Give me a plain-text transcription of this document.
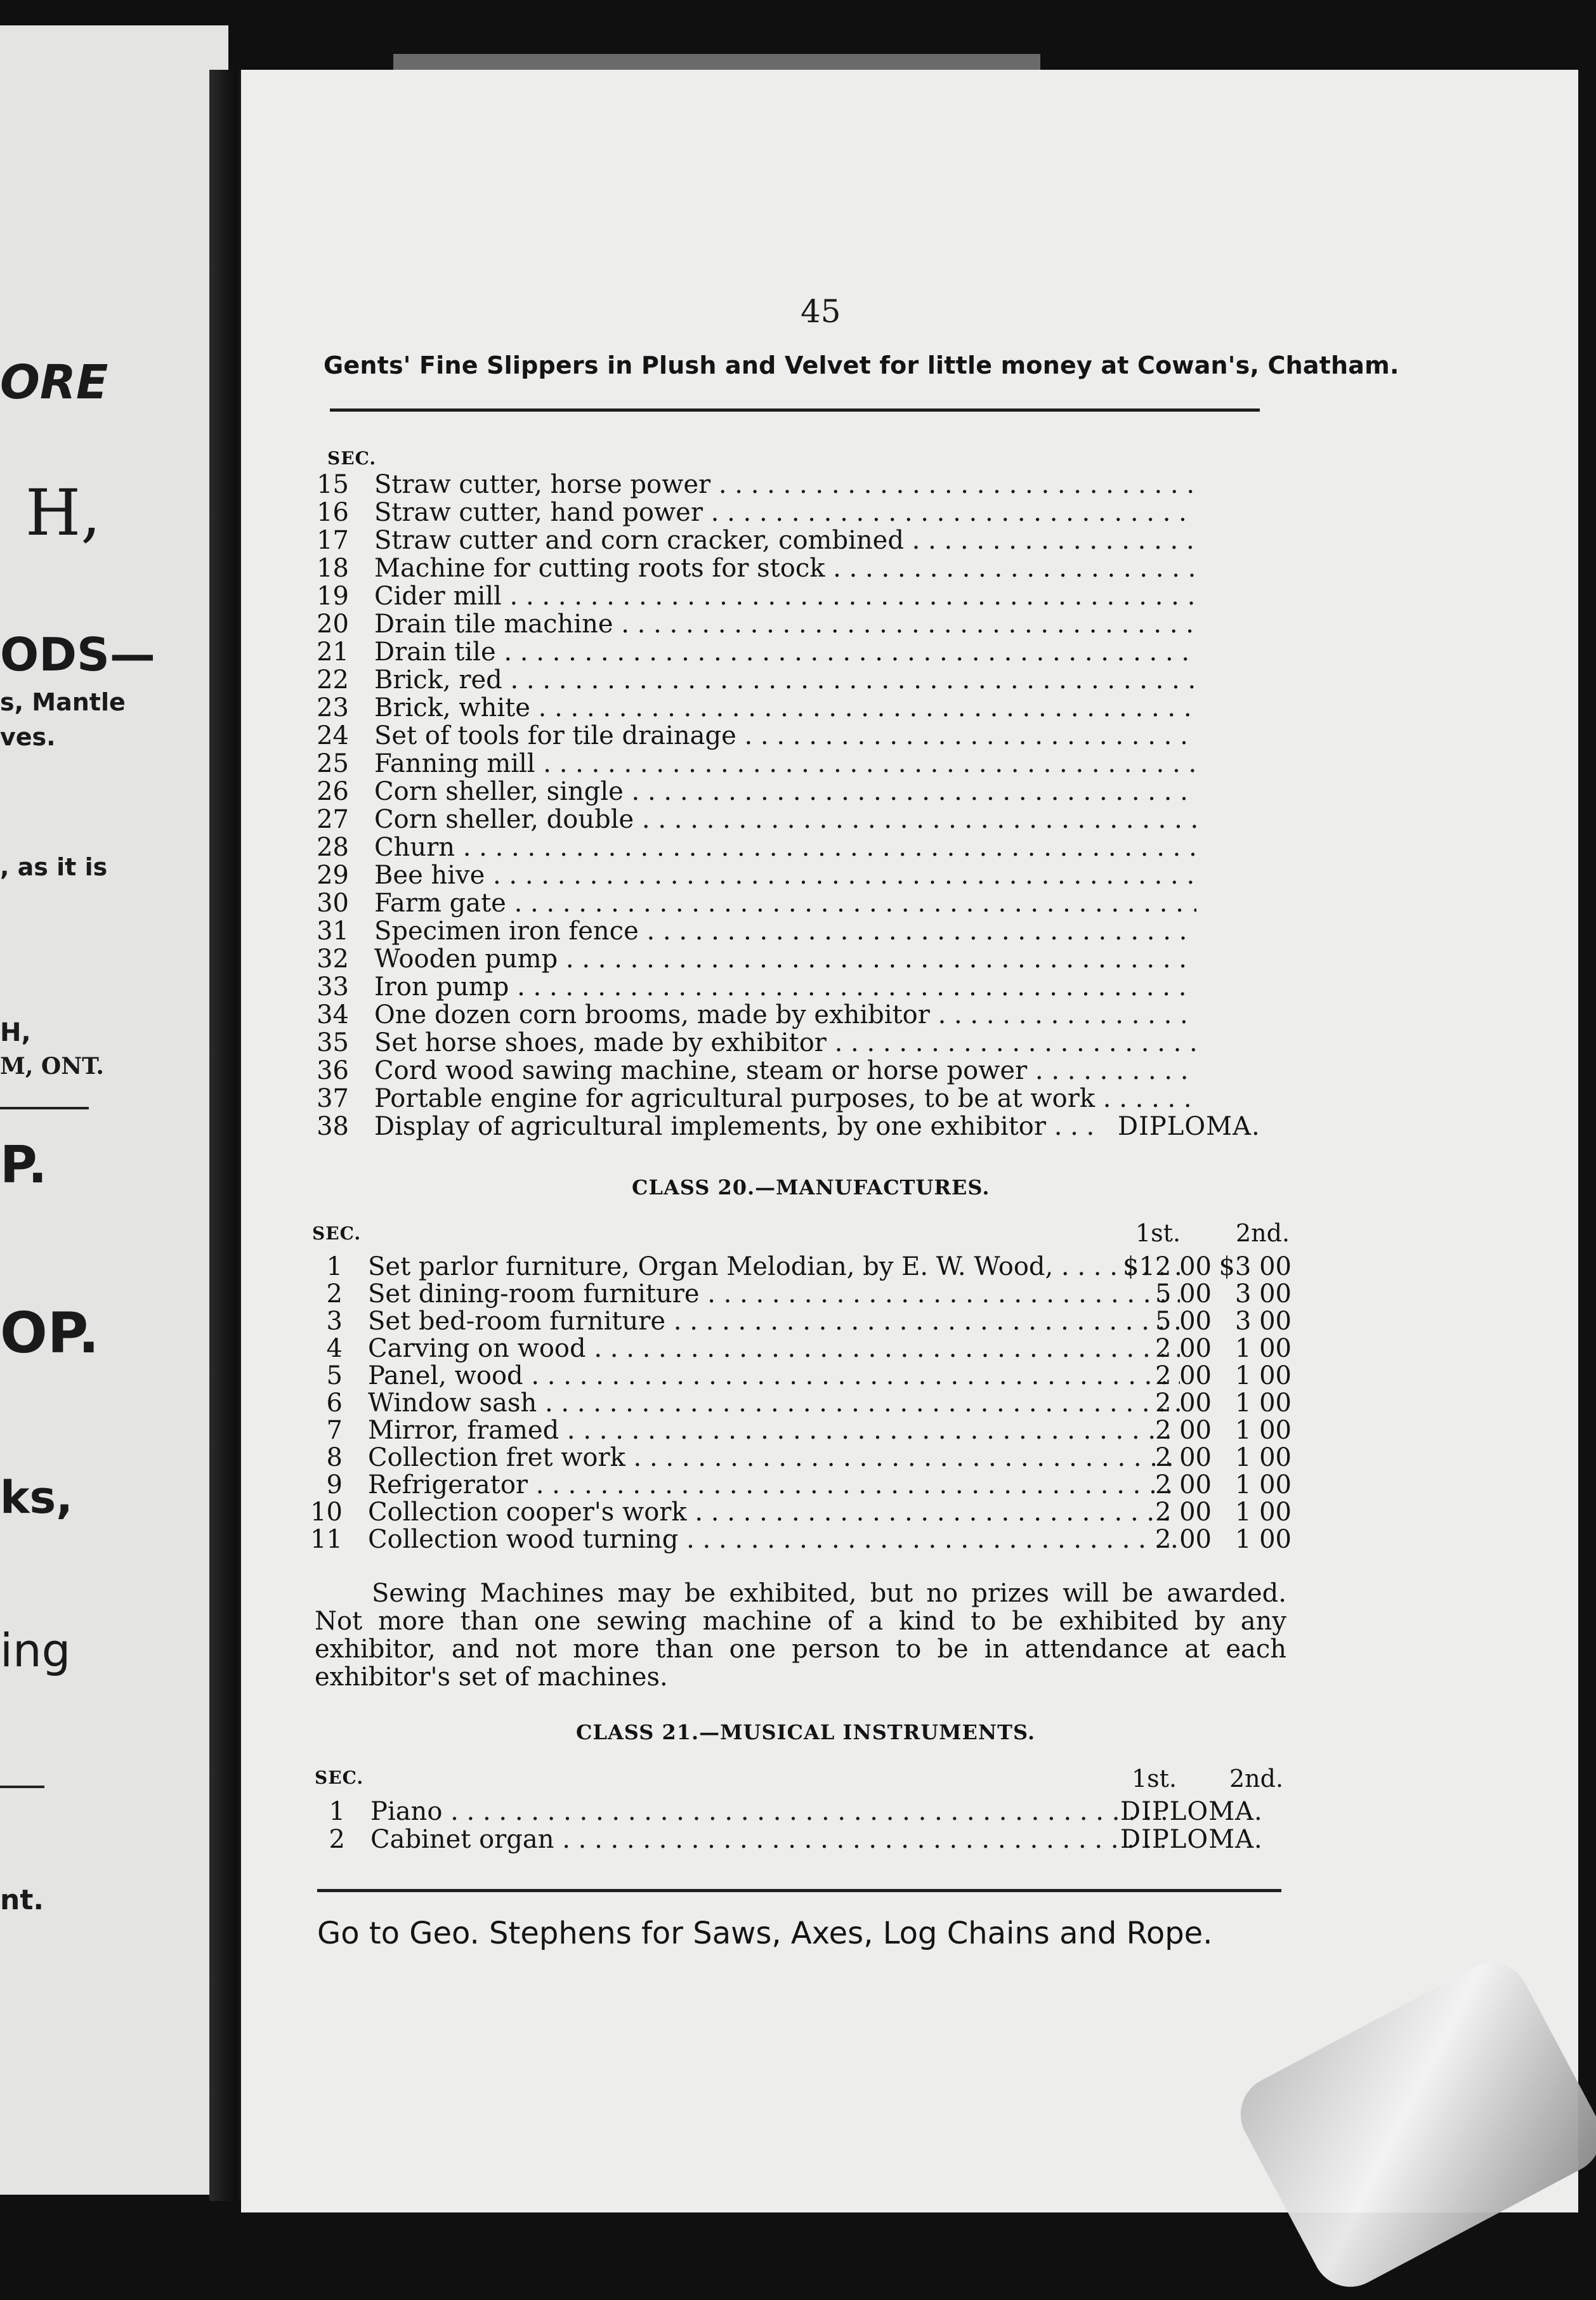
ORE
H,
ODS—
s, Mantle
ves.
, as it is
H,
M, ONT.
P.
OP.
ks,
ing
nt.
45
Gents' Fine Slippers in Plush and Velvet for little money at Cowan's, Chatham.
SEC.
15 Straw cutter, horse power . . .
16 Straw cutter, hand power . . .
17 Straw cutter and corn cracker, combined . . .
18 Machine for cutting roots for stock . . .
19 Cider mill . . .
20 Drain tile machine . . .
21 Drain tile . . .
22 Brick, red . . .
23 Brick, white . . .
24 Set of tools for tile drainage . . .
25 Fanning mill . . .
26 Corn sheller, single . . .
27 Corn sheller, double . . .
28 Churn . . .
29 Bee hive . . .
30 Farm gate . . .
31 Specimen iron fence . . .
32 Wooden pump . . .
33 Iron pump . . .
34 One dozen corn brooms, made by exhibitor . . .
35 Set horse shoes, made by exhibitor . . .
36 Cord wood sawing machine, steam or horse power . . .
37 Portable engine for agricultural purposes, to be at work . . .
38 Display of agricultural implements, by one exhibitor . . .	DIPLOMA.
CLASS 20.—MANUFACTURES.
SEC.	1st. 2nd.
1 Set parlor furniture, Organ Melodian, by E. W. Wood, . . .	$12 00 $3 00
2 Set dining-room furniture . . .	5 00 3 00
3 Set bed-room furniture . . .	5 00 3 00
4 Carving on wood . . .	2 00 1 00
5 Panel, wood . . .	2 00 1 00
6 Window sash . . .	2 00 1 00
7 Mirror, framed . . .	2 00 1 00
8 Collection fret work . . .	2 00 1 00
9 Refrigerator . . .	2 00 1 00
10 Collection cooper's work . . .	2 00 1 00
11 Collection wood turning . . .	2 00 1 00
Sewing Machines may be exhibited, but no prizes will be awarded. Not more than one sewing machine of a kind to be exhibited by any exhibitor, and not more than one person to be in attendance at each exhibitor's set of machines.
CLASS 21.—MUSICAL INSTRUMENTS.
SEC.	1st. 2nd.
1 Piano . . .	DIPLOMA.
2 Cabinet organ . . .	DIPLOMA.
Go to Geo. Stephens for Saws, Axes, Log Chains and Rope.
